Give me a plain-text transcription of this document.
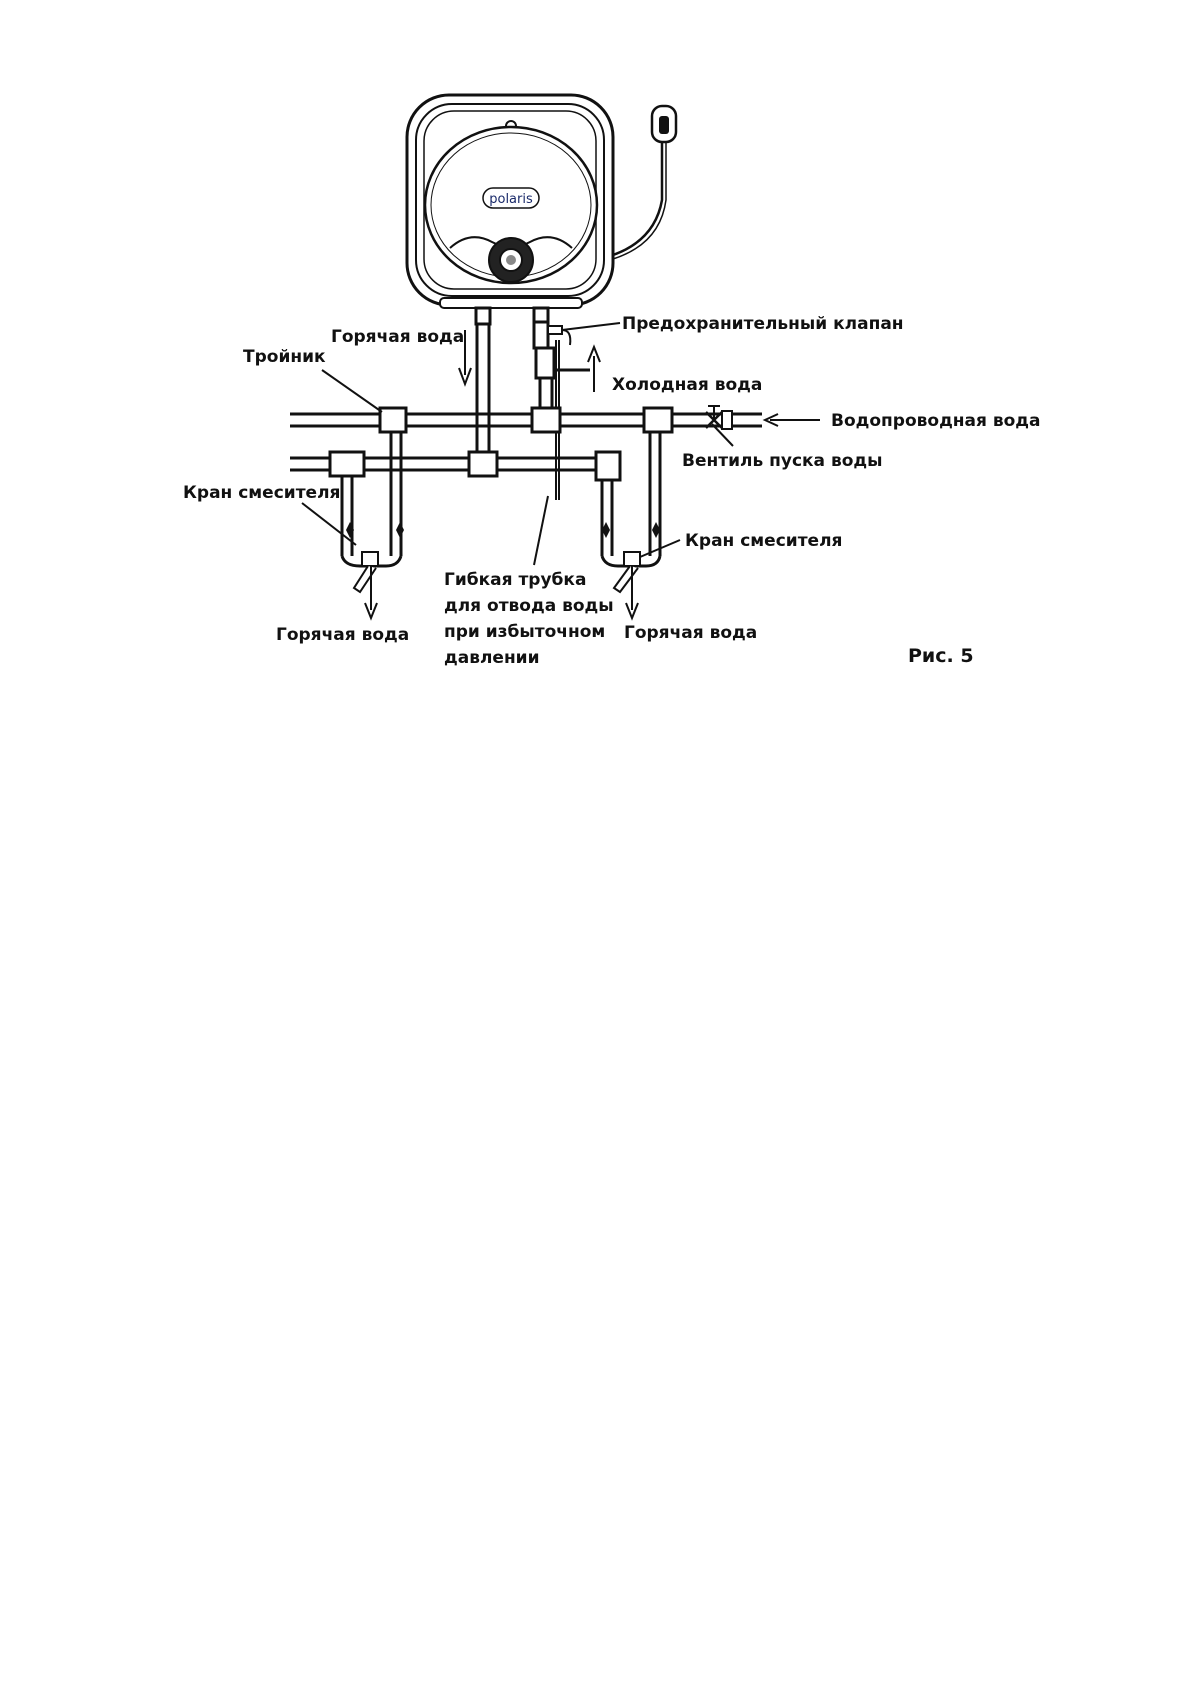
polaris
Горячая вода
Предохранительный клапан
Тройник
Холодная вода
Водопроводная вода
Вентиль пуска воды
Кран смесителя
Кран смесителя
Гибкая трубка
для отвода воды
при избыточном
давлении
Горячая вода	Горячая вода
Рис. 5
